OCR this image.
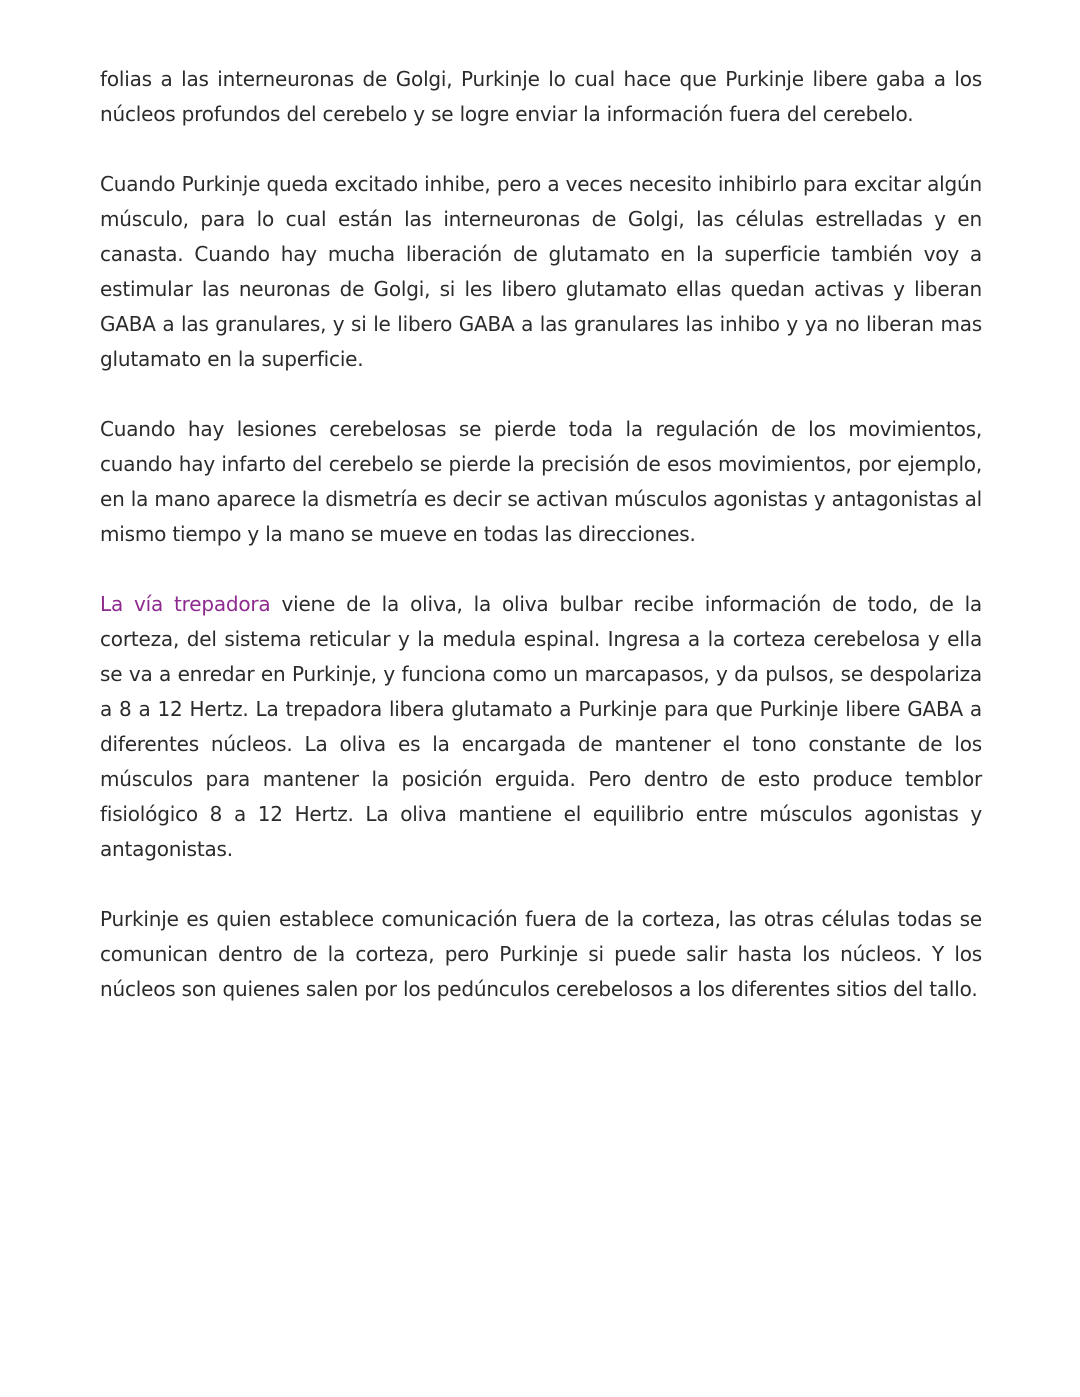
folias a las interneuronas de Golgi, Purkinje lo cual hace que Purkinje libere gaba a los núcleos profundos del cerebelo y se logre enviar la información fuera del cerebelo.

Cuando Purkinje queda excitado inhibe, pero a veces necesito inhibirlo para excitar algún músculo, para lo cual están las interneuronas de Golgi, las células estrelladas y en canasta. Cuando hay mucha liberación de glutamato en la superficie también voy a estimular las neuronas de Golgi, si les libero glutamato ellas quedan activas y liberan GABA a las granulares, y si le libero GABA a las granulares las inhibo y ya no liberan mas glutamato en la superficie.

Cuando hay lesiones cerebelosas se pierde toda la regulación de los movimientos, cuando hay infarto del cerebelo se pierde la precisión de esos movimientos, por ejemplo, en la mano aparece la dismetría es decir se activan músculos agonistas y antagonistas al mismo tiempo y la mano se mueve en todas las direcciones.

La vía trepadora viene de la oliva, la oliva bulbar recibe información de todo, de la corteza, del sistema reticular y la medula espinal. Ingresa a la corteza cerebelosa y ella se va a enredar en Purkinje, y funciona como un marcapasos, y da pulsos, se despolariza a 8 a 12 Hertz. La trepadora libera glutamato a Purkinje para que Purkinje libere GABA a diferentes núcleos. La oliva es la encargada de mantener el tono constante de los músculos para mantener la posición erguida. Pero dentro de esto produce temblor fisiológico 8 a 12 Hertz. La oliva mantiene el equilibrio entre músculos agonistas y antagonistas.

Purkinje es quien establece comunicación fuera de la corteza, las otras células todas se comunican dentro de la corteza, pero Purkinje si puede salir hasta los núcleos. Y los núcleos son quienes salen por los pedúnculos cerebelosos a los diferentes sitios del tallo.
